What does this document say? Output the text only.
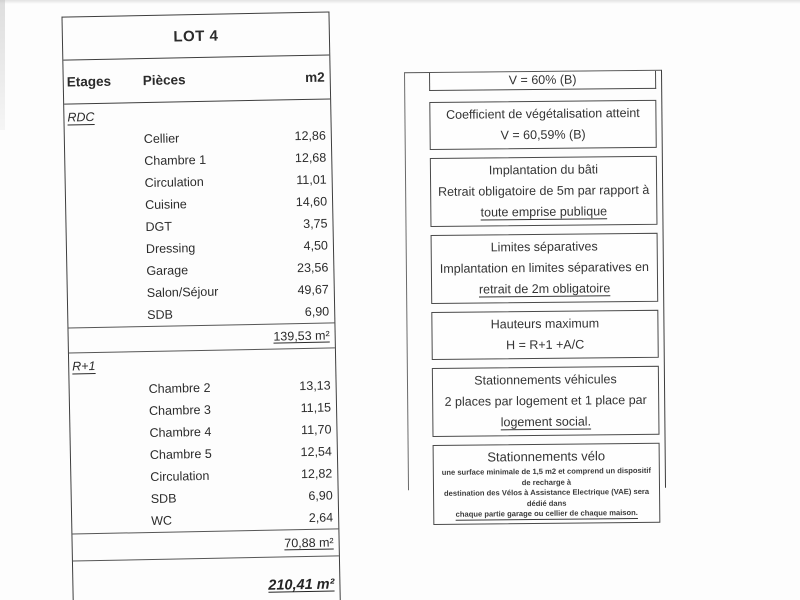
LOT 4
Etages	Pièces	m2
RDC
Cellier	12,86
Chambre 1	12,68
Circulation	11,01
Cuisine	14,60
DGT	3,75
Dressing	4,50
Garage	23,56
Salon/Séjour	49,67
SDB	6,90
139,53 m²
R+1
Chambre 2	13,13
Chambre 3	11,15
Chambre 4	11,70
Chambre 5	12,54
Circulation	12,82
SDB	6,90
WC	2,64
70,88 m²
210,41 m²
V = 60% (B)
Coefficient de végétalisation atteint
V = 60,59% (B)
Implantation du bâti
Retrait obligatoire de 5m par rapport à
toute emprise publique
Limites séparatives
Implantation en limites séparatives en
retrait de 2m obligatoire
Hauteurs maximum
H = R+1 +A/C
Stationnements véhicules
2 places par logement et 1 place par
logement social.
Stationnements vélo
une surface minimale de 1,5 m2 et comprend un dispositif de recharge à
destination des Vélos à Assistance Electrique (VAE) sera dédié dans
chaque partie garage ou cellier de chaque maison.
